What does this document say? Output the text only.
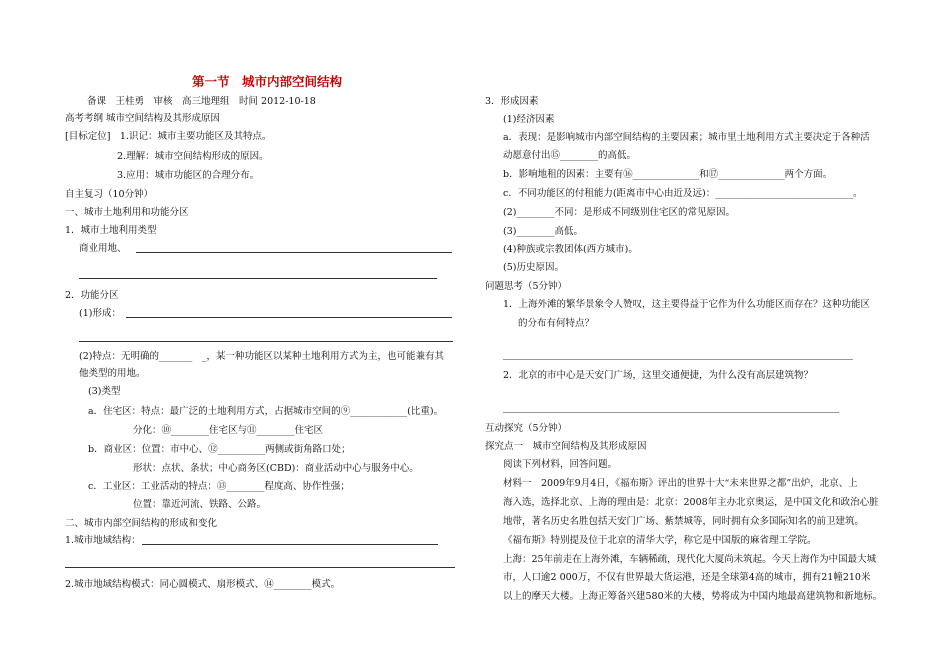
第一节　城市内部空间结构
备课　王桂勇　审核　高三地理组　时间 2012-10-18
高考考纲 城市空间结构及其形成原因
[目标定位]　1.识记：城市主要功能区及其特点。
2.理解：城市空间结构形成的原因。
3.应用：城市功能区的合理分布。
自主复习（10分钟）
一、城市土地利用和功能分区
1．城市土地利用类型
商业用地、
2．功能分区
(1)形成：
(2)特点：无明确的_______　_，某一种功能区以某种土地利用方式为主，也可能兼有其
他类型的用地。
(3)类型
a．住宅区：特点：最广泛的土地利用方式，占据城市空间的⑨____________(比重)。
分化：⑩________住宅区与⑪________住宅区
b．商业区：位置：市中心、⑫__________两侧或街角路口处；
形状：点状、条状；中心商务区(CBD)：商业活动中心与服务中心。
c．工业区：工业活动的特点：⑬________程度高、协作性强；
位置：靠近河流、铁路、公路。
二、城市内部空间结构的形成和变化
1.城市地域结构：
2.城市地域结构模式：同心圆模式、扇形模式、⑭________模式。
3．形成因素
(1)经济因素
a．表现：是影响城市内部空间结构的主要因素；城市里土地利用方式主要决定于各种活
动愿意付出⑮________的高低。
b．影响地租的因素：主要有⑯______________和⑰______________两个方面。
c．不同功能区的付租能力(距离市中心由近及远)：_____________________________。
(2)________不同：是形成不同级别住宅区的常见原因。
(3)________高低。
(4)种族或宗教团体(西方城市)。
(5)历史原因。
问题思考（5分钟）
1．上海外滩的繁华景象令人赞叹，这主要得益于它作为什么功能区而存在？这种功能区
的分布有何特点？
2．北京的市中心是天安门广场，这里交通便捷，为什么没有高层建筑物？
互动探究（5分钟）
探究点一　城市空间结构及其形成原因
阅读下列材料，回答问题。
材料一　2009年9月4日，《福布斯》评出的世界十大“未来世界之都”出炉，北京、上
海入选，选择北京、上海的理由是：北京：2008年主办北京奥运，是中国文化和政治心脏
地带，著名历史名胜包括天安门广场、紫禁城等，同时拥有众多国际知名的前卫建筑。
《福布斯》特别提及位于北京的清华大学，称它是中国版的麻省理工学院。
上海：25年前走在上海外滩，车辆稀疏，现代化大厦尚未筑起。今天上海作为中国最大城
市，人口逾2 000万，不仅有世界最大货运港，还是全球第4高的城市，拥有21幢210米
以上的摩天大楼。上海正筹备兴建580米的大楼，势将成为中国内地最高建筑物和新地标。
